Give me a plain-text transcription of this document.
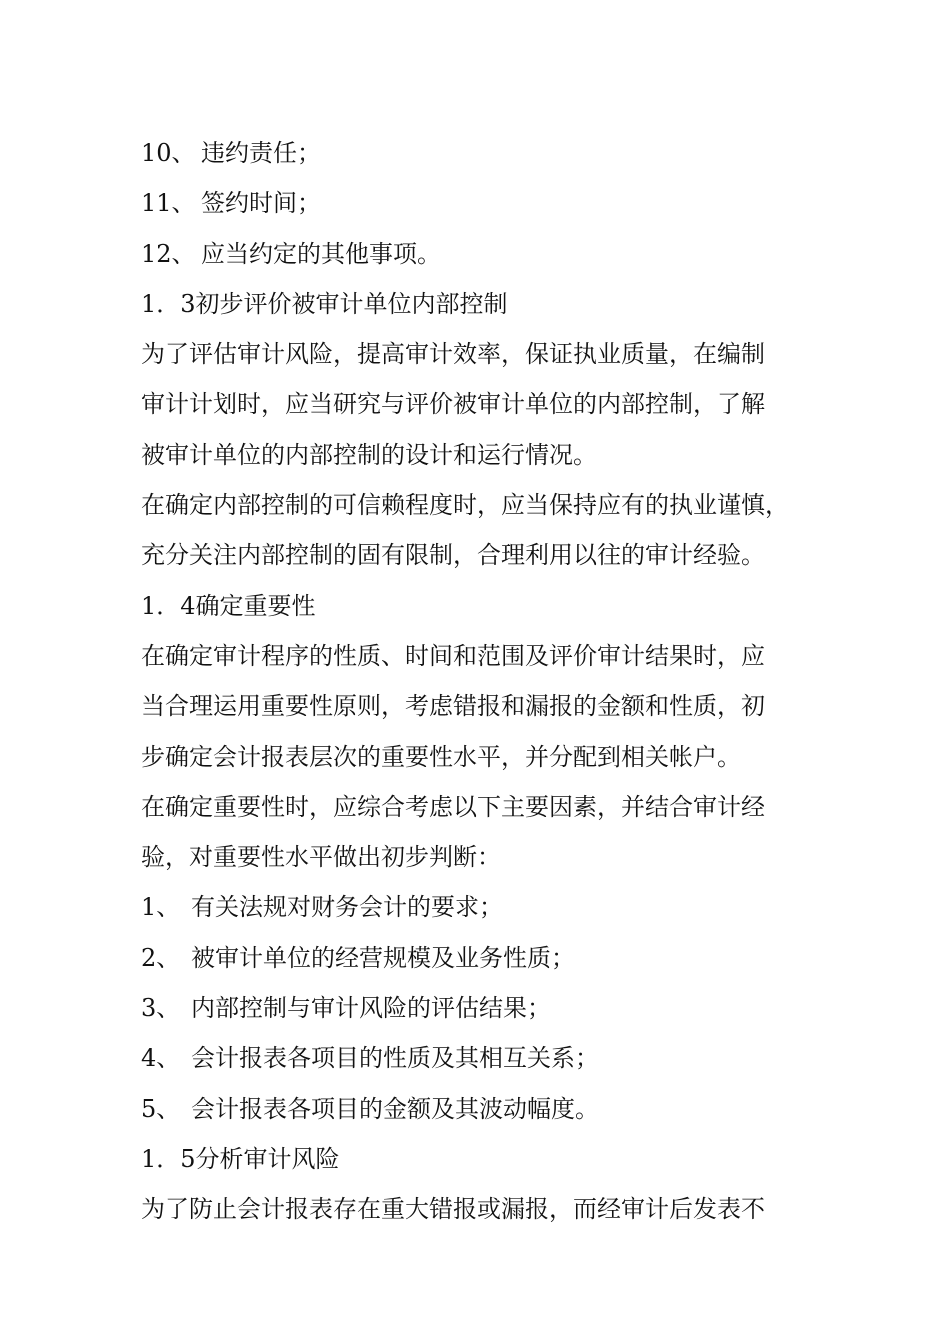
10、 违约责任；
11、 签约时间；
12、 应当约定的其他事项。
1．3初步评价被审计单位内部控制
为了评估审计风险，提高审计效率，保证执业质量，在编制
审计计划时，应当研究与评价被审计单位的内部控制，了解
被审计单位的内部控制的设计和运行情况。
在确定内部控制的可信赖程度时，应当保持应有的执业谨慎，
充分关注内部控制的固有限制，合理利用以往的审计经验。
1．4确定重要性
在确定审计程序的性质、时间和范围及评价审计结果时，应
当合理运用重要性原则，考虑错报和漏报的金额和性质，初
步确定会计报表层次的重要性水平，并分配到相关帐户。
在确定重要性时，应综合考虑以下主要因素，并结合审计经
验，对重要性水平做出初步判断：
1、 有关法规对财务会计的要求；
2、 被审计单位的经营规模及业务性质；
3、 内部控制与审计风险的评估结果；
4、 会计报表各项目的性质及其相互关系；
5、 会计报表各项目的金额及其波动幅度。
1．5分析审计风险
为了防止会计报表存在重大错报或漏报，而经审计后发表不
